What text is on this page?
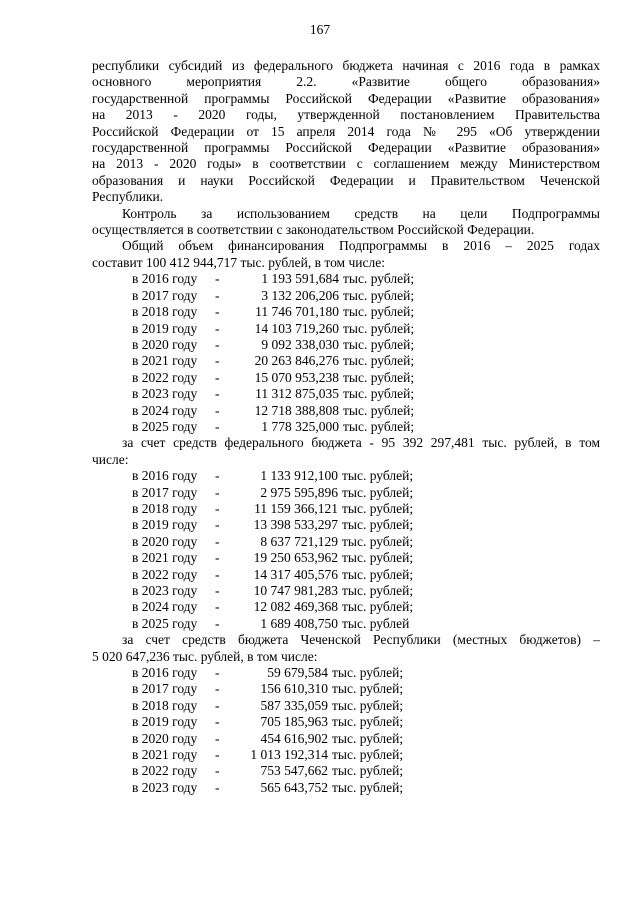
167
республики субсидий из федерального бюджета начиная с 2016 года в рамках
основного мероприятия 2.2. «Развитие общего образования»
государственной программы Российской Федерации «Развитие образования»
на 2013 - 2020 годы, утвержденной постановлением Правительства
Российской Федерации от 15 апреля 2014 года № 295 «Об утверждении
государственной программы Российской Федерации «Развитие образования»
на 2013 - 2020 годы» в соответствии с соглашением между Министерством
образования и науки Российской Федерации и Правительством Чеченской
Республики.
Контроль за использованием средств на цели Подпрограммы
осуществляется в соответствии с законодательством Российской Федерации.
Общий объем финансирования Подпрограммы в 2016 – 2025 годах
составит 100 412 944,717 тыс. рублей, в том числе:
в 2016 году	-	1 193 591,684 тыс. рублей;
в 2017 году	-	3 132 206,206 тыс. рублей;
в 2018 году	-	11 746 701,180 тыс. рублей;
в 2019 году	-	14 103 719,260 тыс. рублей;
в 2020 году	-	9 092 338,030 тыс. рублей;
в 2021 году	-	20 263 846,276 тыс. рублей;
в 2022 году	-	15 070 953,238 тыс. рублей;
в 2023 году	-	11 312 875,035 тыс. рублей;
в 2024 году	-	12 718 388,808 тыс. рублей;
в 2025 году	-	1 778 325,000 тыс. рублей;
за счет средств федерального бюджета - 95 392 297,481 тыс. рублей, в том
числе:
в 2016 году	-	1 133 912,100 тыс. рублей;
в 2017 году	-	2 975 595,896 тыс. рублей;
в 2018 году	-	11 159 366,121 тыс. рублей;
в 2019 году	-	13 398 533,297 тыс. рублей;
в 2020 году	-	8 637 721,129 тыс. рублей;
в 2021 году	-	19 250 653,962 тыс. рублей;
в 2022 году	-	14 317 405,576 тыс. рублей;
в 2023 году	-	10 747 981,283 тыс. рублей;
в 2024 году	-	12 082 469,368 тыс. рублей;
в 2025 году	-	1 689 408,750 тыс. рублей
за счет средств бюджета Чеченской Республики (местных бюджетов) –
5 020 647,236 тыс. рублей, в том числе:
в 2016 году	-	59 679,584 тыс. рублей;
в 2017 году	-	156 610,310 тыс. рублей;
в 2018 году	-	587 335,059 тыс. рублей;
в 2019 году	-	705 185,963 тыс. рублей;
в 2020 году	-	454 616,902 тыс. рублей;
в 2021 году	-	1 013 192,314 тыс. рублей;
в 2022 году	-	753 547,662 тыс. рублей;
в 2023 году	-	565 643,752 тыс. рублей;
